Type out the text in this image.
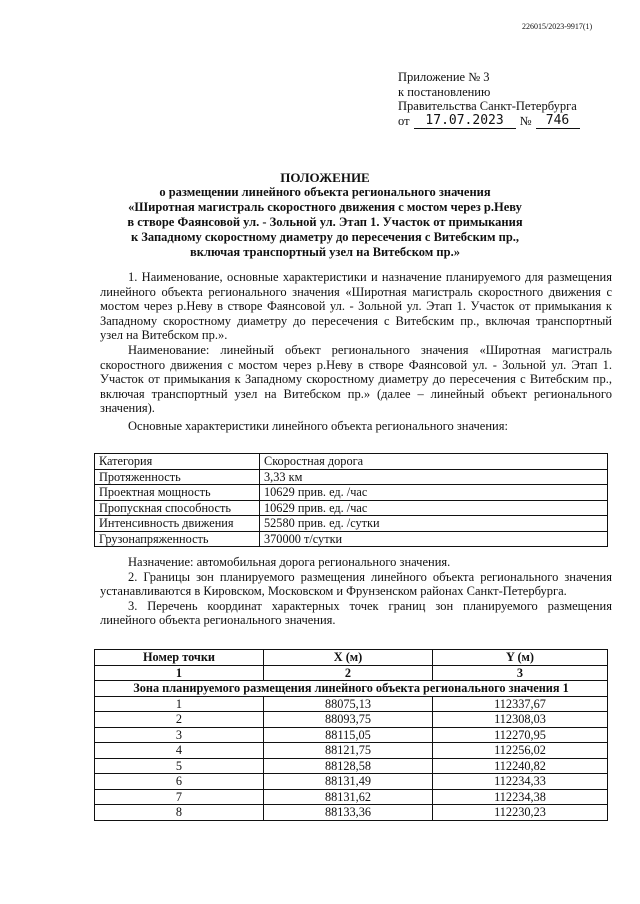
226015/2023-9917(1)
Приложение № 3
к постановлению
Правительства Санкт-Петербурга
от	17.07.2023	№	746
ПОЛОЖЕНИЕ
о размещении линейного объекта регионального значения
«Широтная магистраль скоростного движения с мостом через р.Неву
в створе Фаянсовой ул. - Зольной ул. Этап 1. Участок от примыкания
к Западному скоростному диаметру до пересечения с Витебским пр.,
включая транспортный узел на Витебском пр.»
1. Наименование, основные характеристики и назначение планируемого для размещения линейного объекта регионального значения «Широтная магистраль скоростного движения с мостом через р.Неву в створе Фаянсовой ул. - Зольной ул. Этап 1. Участок от примыкания к Западному скоростному диаметру до пересечения с Витебским пр., включая транспортный узел на Витебском пр.».
Наименование: линейный объект регионального значения «Широтная магистраль скоростного движения с мостом через р.Неву в створе Фаянсовой ул. - Зольной ул. Этап 1. Участок от примыкания к Западному скоростному диаметру до пересечения с Витебским пр., включая транспортный узел на Витебском пр.» (далее – линейный объект регионального значения).
Основные характеристики линейного объекта регионального значения:
Категория	Скоростная дорога
Протяженность	3,33 км
Проектная мощность	10629 прив. ед. /час
Пропускная способность	10629 прив. ед. /час
Интенсивность движения	52580 прив. ед. /сутки
Грузонапряженность	370000 т/сутки
Назначение: автомобильная дорога регионального значения.
2. Границы зон планируемого размещения линейного объекта регионального значения устанавливаются в Кировском, Московском и Фрунзенском районах Санкт-Петербурга.
3. Перечень координат характерных точек границ зон планируемого размещения линейного объекта регионального значения.
Номер точки	X (м)	Y (м)
1	2	3
Зона планируемого размещения линейного объекта регионального значения 1		
1	88075,13	112337,67
2	88093,75	112308,03
3	88115,05	112270,95
4	88121,75	112256,02
5	88128,58	112240,82
6	88131,49	112234,33
7	88131,62	112234,38
8	88133,36	112230,23
